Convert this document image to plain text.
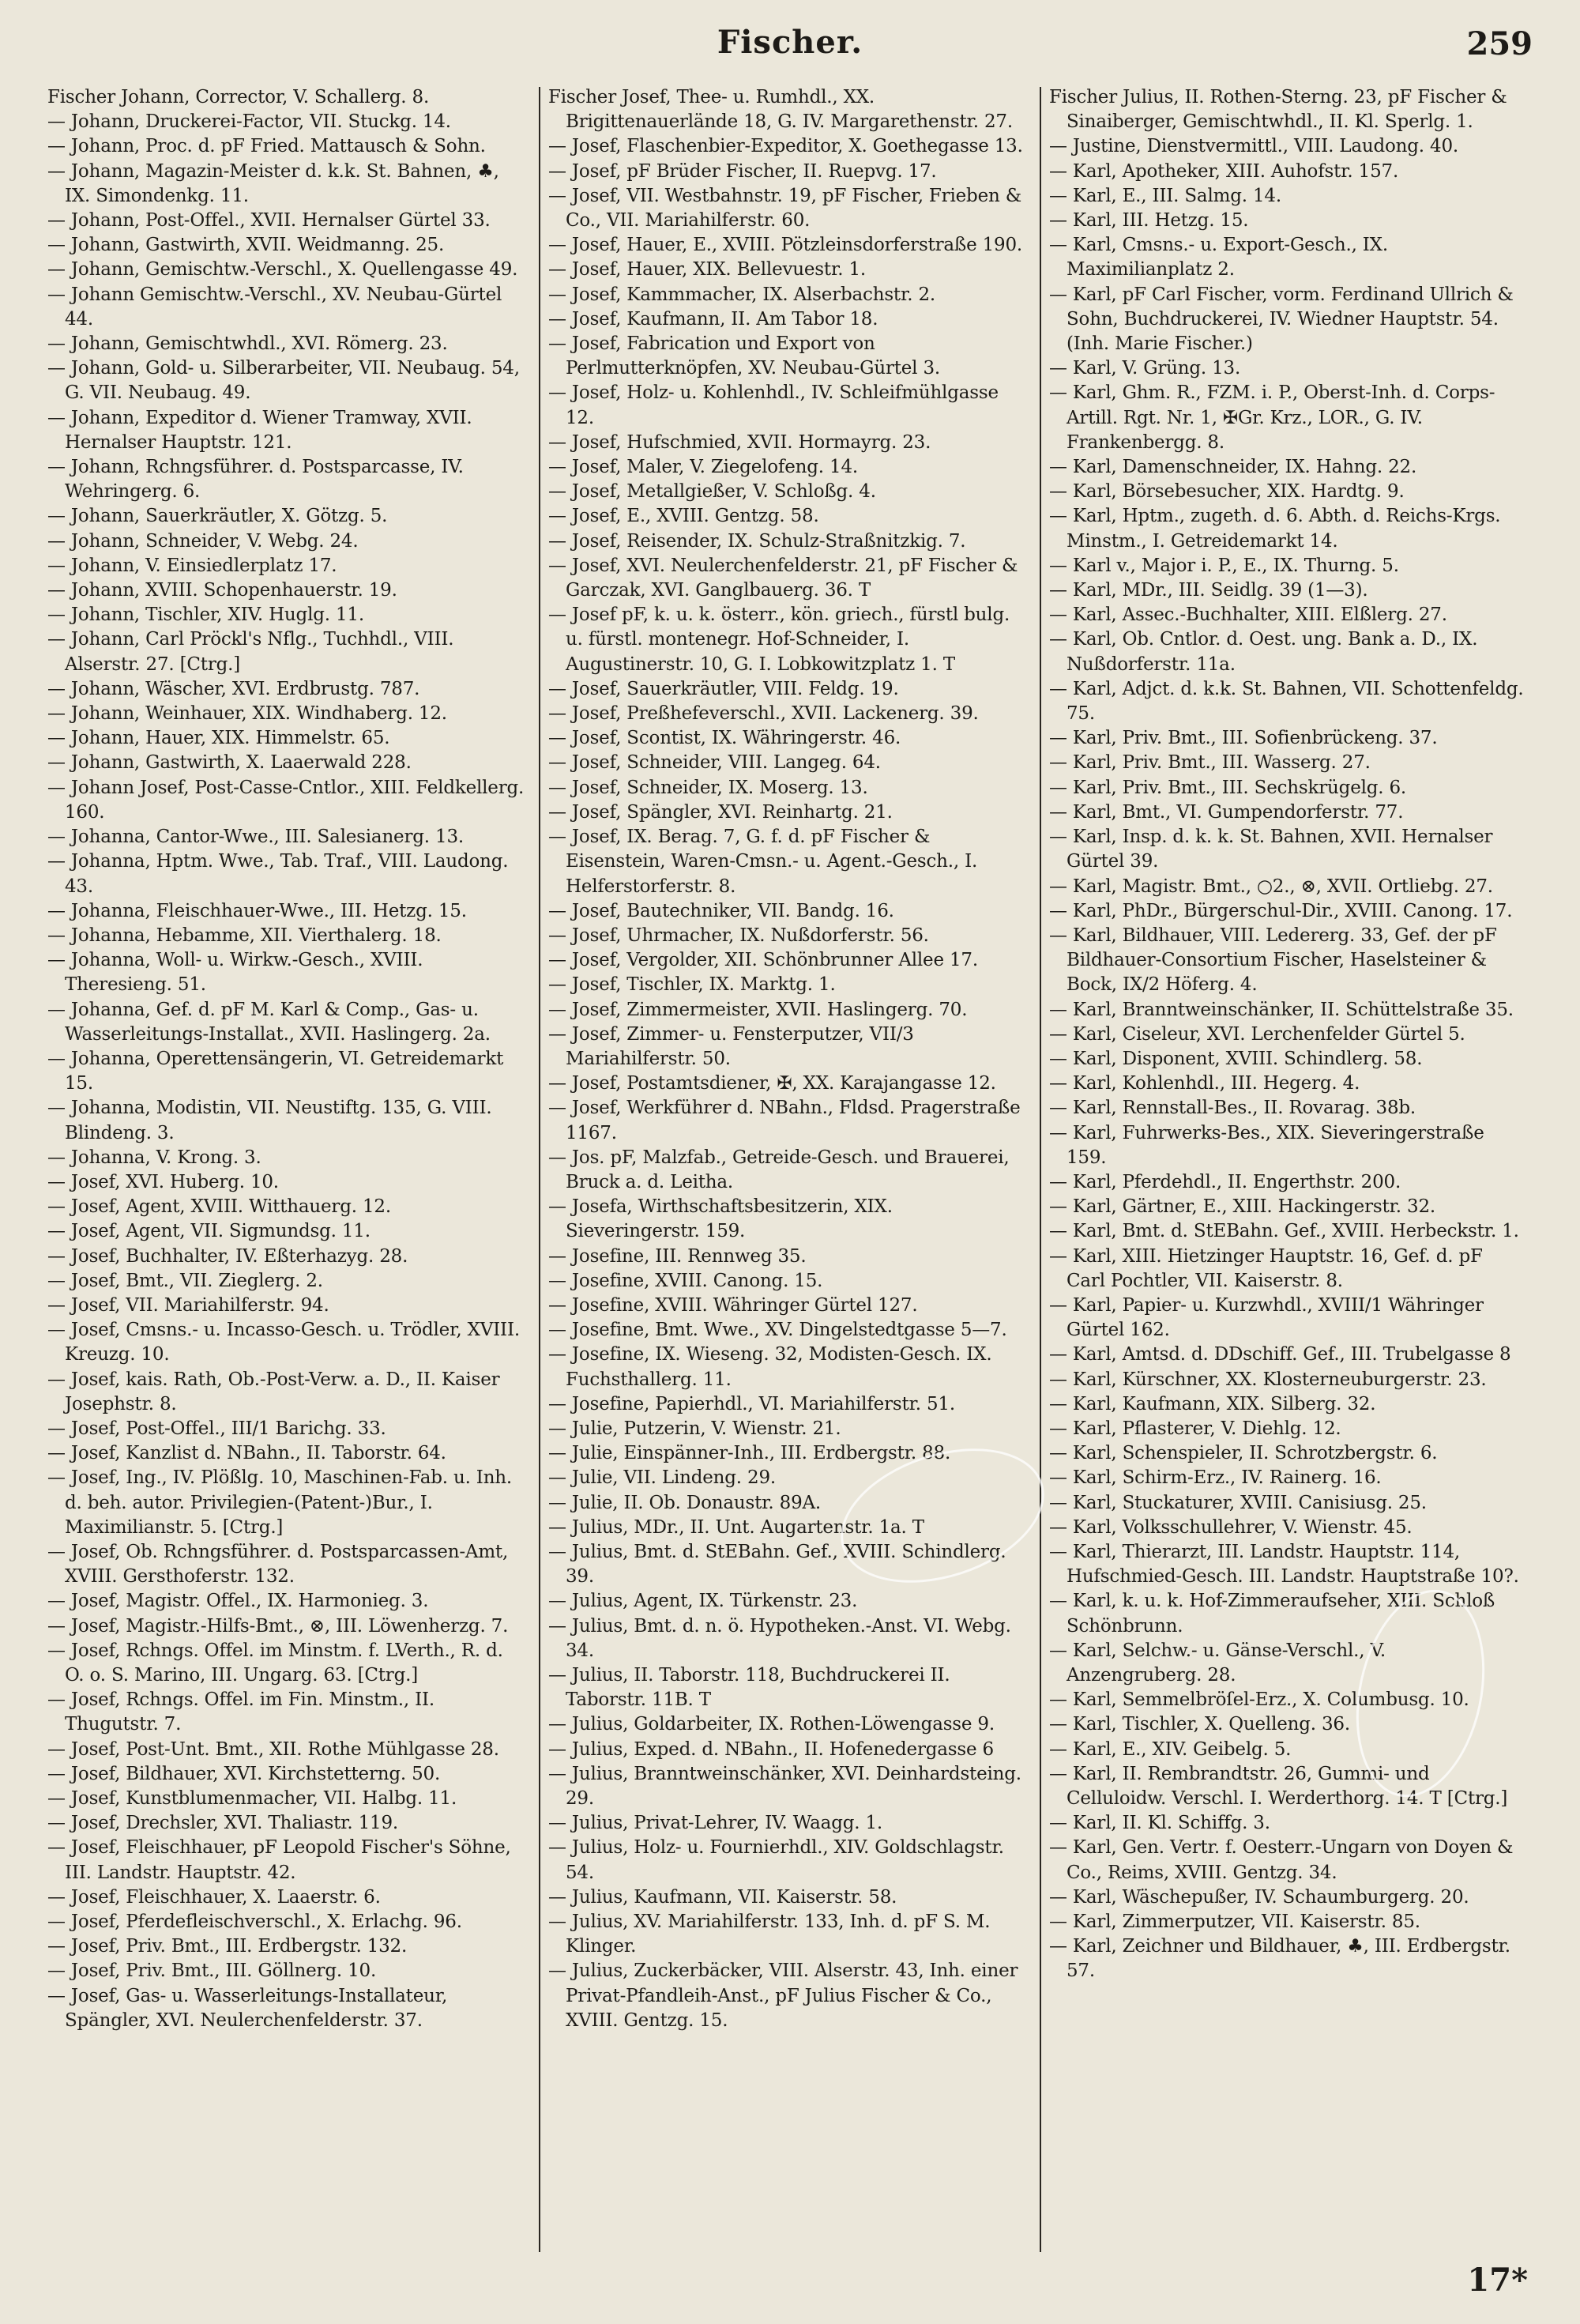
Fischer.	259
Fischer Johann, Corrector, V. Schallerg. 8.
— Johann, Druckerei-Factor, VII. Stuckg. 14.
— Johann, Proc. d. pF Fried. Mattausch & Sohn.
— Johann, Magazin-Meister d. k.k. St. Bahnen, ♣, IX. Simondenkg. 11.
— Johann, Post-Offel., XVII. Hernalser Gürtel 33.
— Johann, Gastwirth, XVII. Weidmanng. 25.
— Johann, Gemischtw.-Verschl., X. Quellengasse 49.
— Johann Gemischtw.-Verschl., XV. Neubau-Gürtel 44.
— Johann, Gemischtwhdl., XVI. Römerg. 23.
— Johann, Gold- u. Silberarbeiter, VII. Neubaug. 54, G. VII. Neubaug. 49.
— Johann, Expeditor d. Wiener Tramway, XVII. Hernalser Hauptstr. 121.
— Johann, Rchngsführer. d. Postsparcasse, IV. Wehringerg. 6.
— Johann, Sauerkräutler, X. Götzg. 5.
— Johann, Schneider, V. Webg. 24.
— Johann, V. Einsiedlerplatz 17.
— Johann, XVIII. Schopenhauerstr. 19.
— Johann, Tischler, XIV. Huglg. 11.
— Johann, Carl Pröckl's Nflg., Tuchhdl., VIII. Alserstr. 27. [Ctrg.]
— Johann, Wäscher, XVI. Erdbrustg. 787.
— Johann, Weinhauer, XIX. Windhaberg. 12.
— Johann, Hauer, XIX. Himmelstr. 65.
— Johann, Gastwirth, X. Laaerwald 228.
— Johann Josef, Post-Casse-Cntlor., XIII. Feldkellerg. 160.
— Johanna, Cantor-Wwe., III. Salesianerg. 13.
— Johanna, Hptm. Wwe., Tab. Traf., VIII. Laudong. 43.
— Johanna, Fleischhauer-Wwe., III. Hetzg. 15.
— Johanna, Hebamme, XII. Vierthalerg. 18.
— Johanna, Woll- u. Wirkw.-Gesch., XVIII. Theresieng. 51.
— Johanna, Gef. d. pF M. Karl & Comp., Gas- u. Wasserleitungs-Installat., XVII. Haslingerg. 2a.
— Johanna, Operettensängerin, VI. Getreidemarkt 15.
— Johanna, Modistin, VII. Neustiftg. 135, G. VIII. Blindeng. 3.
— Johanna, V. Krong. 3.
— Josef, XVI. Huberg. 10.
— Josef, Agent, XVIII. Witthauerg. 12.
— Josef, Agent, VII. Sigmundsg. 11.
— Josef, Buchhalter, IV. Eßterhazyg. 28.
— Josef, Bmt., VII. Zieglerg. 2.
— Josef, VII. Mariahilferstr. 94.
— Josef, Cmsns.- u. Incasso-Gesch. u. Trödler, XVIII. Kreuzg. 10.
— Josef, kais. Rath, Ob.-Post-Verw. a. D., II. Kaiser Josephstr. 8.
— Josef, Post-Offel., III/1 Barichg. 33.
— Josef, Kanzlist d. NBahn., II. Taborstr. 64.
— Josef, Ing., IV. Plößlg. 10, Maschinen-Fab. u. Inh. d. beh. autor. Privilegien-(Patent-)Bur., I. Maximilianstr. 5. [Ctrg.]
— Josef, Ob. Rchngsführer. d. Postsparcassen-Amt, XVIII. Gersthoferstr. 132.
— Josef, Magistr. Offel., IX. Harmonieg. 3.
— Josef, Magistr.-Hilfs-Bmt., ⊗, III. Löwenherzg. 7.
— Josef, Rchngs. Offel. im Minstm. f. LVerth., R. d. O. o. S. Marino, III. Ungarg. 63. [Ctrg.]
— Josef, Rchngs. Offel. im Fin. Minstm., II. Thugutstr. 7.
— Josef, Post-Unt. Bmt., XII. Rothe Mühlgasse 28.
— Josef, Bildhauer, XVI. Kirchstetterng. 50.
— Josef, Kunstblumenmacher, VII. Halbg. 11.
— Josef, Drechsler, XVI. Thaliastr. 119.
— Josef, Fleischhauer, pF Leopold Fischer's Söhne, III. Landstr. Hauptstr. 42.
— Josef, Fleischhauer, X. Laaerstr. 6.
— Josef, Pferdefleischverschl., X. Erlachg. 96.
— Josef, Priv. Bmt., III. Erdbergstr. 132.
— Josef, Priv. Bmt., III. Göllnerg. 10.
— Josef, Gas- u. Wasserleitungs-Installateur, Spängler, XVI. Neulerchenfelderstr. 37.
Fischer Josef, Thee- u. Rumhdl., XX. Brigittenauerlände 18, G. IV. Margarethenstr. 27.
— Josef, Flaschenbier-Expeditor, X. Goethegasse 13.
— Josef, pF Brüder Fischer, II. Ruepvg. 17.
— Josef, VII. Westbahnstr. 19, pF Fischer, Frieben & Co., VII. Mariahilferstr. 60.
— Josef, Hauer, E., XVIII. Pötzleinsdorferstraße 190.
— Josef, Hauer, XIX. Bellevuestr. 1.
— Josef, Kammmacher, IX. Alserbachstr. 2.
— Josef, Kaufmann, II. Am Tabor 18.
— Josef, Fabrication und Export von Perlmutterknöpfen, XV. Neubau-Gürtel 3.
— Josef, Holz- u. Kohlenhdl., IV. Schleifmühlgasse 12.
— Josef, Hufschmied, XVII. Hormayrg. 23.
— Josef, Maler, V. Ziegelofeng. 14.
— Josef, Metallgießer, V. Schloßg. 4.
— Josef, E., XVIII. Gentzg. 58.
— Josef, Reisender, IX. Schulz-Straßnitzkig. 7.
— Josef, XVI. Neulerchenfelderstr. 21, pF Fischer & Garczak, XVI. Ganglbauerg. 36. T
— Josef pF, k. u. k. österr., kön. griech., fürstl bulg. u. fürstl. montenegr. Hof-Schneider, I. Augustinerstr. 10, G. I. Lobkowitzplatz 1. T
— Josef, Sauerkräutler, VIII. Feldg. 19.
— Josef, Preßhefeverschl., XVII. Lackenerg. 39.
— Josef, Scontist, IX. Währingerstr. 46.
— Josef, Schneider, VIII. Langeg. 64.
— Josef, Schneider, IX. Moserg. 13.
— Josef, Spängler, XVI. Reinhartg. 21.
— Josef, IX. Berag. 7, G. f. d. pF Fischer & Eisenstein, Waren-Cmsn.- u. Agent.-Gesch., I. Helferstorferstr. 8.
— Josef, Bautechniker, VII. Bandg. 16.
— Josef, Uhrmacher, IX. Nußdorferstr. 56.
— Josef, Vergolder, XII. Schönbrunner Allee 17.
— Josef, Tischler, IX. Marktg. 1.
— Josef, Zimmermeister, XVII. Haslingerg. 70.
— Josef, Zimmer- u. Fensterputzer, VII/3 Mariahilferstr. 50.
— Josef, Postamtsdiener, ✠, XX. Karajangasse 12.
— Josef, Werkführer d. NBahn., Fldsd. Pragerstraße 1167.
— Jos. pF, Malzfab., Getreide-Gesch. und Brauerei, Bruck a. d. Leitha.
— Josefa, Wirthschaftsbesitzerin, XIX. Sieveringerstr. 159.
— Josefine, III. Rennweg 35.
— Josefine, XVIII. Canong. 15.
— Josefine, XVIII. Währinger Gürtel 127.
— Josefine, Bmt. Wwe., XV. Dingelstedtgasse 5—7.
— Josefine, IX. Wieseng. 32, Modisten-Gesch. IX. Fuchsthallerg. 11.
— Josefine, Papierhdl., VI. Mariahilferstr. 51.
— Julie, Putzerin, V. Wienstr. 21.
— Julie, Einspänner-Inh., III. Erdbergstr. 88.
— Julie, VII. Lindeng. 29.
— Julie, II. Ob. Donaustr. 89A.
— Julius, MDr., II. Unt. Augartenstr. 1a. T
— Julius, Bmt. d. StEBahn. Gef., XVIII. Schindlerg. 39.
— Julius, Agent, IX. Türkenstr. 23.
— Julius, Bmt. d. n. ö. Hypotheken.-Anst. VI. Webg. 34.
— Julius, II. Taborstr. 118, Buchdruckerei II. Taborstr. 11B. T
— Julius, Goldarbeiter, IX. Rothen-Löwengasse 9.
— Julius, Exped. d. NBahn., II. Hofenedergasse 6
— Julius, Branntweinschänker, XVI. Deinhardsteing. 29.
— Julius, Privat-Lehrer, IV. Waagg. 1.
— Julius, Holz- u. Fournierhdl., XIV. Goldschlagstr. 54.
— Julius, Kaufmann, VII. Kaiserstr. 58.
— Julius, XV. Mariahilferstr. 133, Inh. d. pF S. M. Klinger.
— Julius, Zuckerbäcker, VIII. Alserstr. 43, Inh. einer Privat-Pfandleih-Anst., pF Julius Fischer & Co., XVIII. Gentzg. 15.
Fischer Julius, II. Rothen-Sterng. 23, pF Fischer & Sinaiberger, Gemischtwhdl., II. Kl. Sperlg. 1.
— Justine, Dienstvermittl., VIII. Laudong. 40.
— Karl, Apotheker, XIII. Auhofstr. 157.
— Karl, E., III. Salmg. 14.
— Karl, III. Hetzg. 15.
— Karl, Cmsns.- u. Export-Gesch., IX. Maximilianplatz 2.
— Karl, pF Carl Fischer, vorm. Ferdinand Ullrich & Sohn, Buchdruckerei, IV. Wiedner Hauptstr. 54. (Inh. Marie Fischer.)
— Karl, V. Grüng. 13.
— Karl, Ghm. R., FZM. i. P., Oberst-Inh. d. Corps-Artill. Rgt. Nr. 1, ✠Gr. Krz., LOR., G. IV. Frankenbergg. 8.
— Karl, Damenschneider, IX. Hahng. 22.
— Karl, Börsebesucher, XIX. Hardtg. 9.
— Karl, Hptm., zugeth. d. 6. Abth. d. Reichs-Krgs. Minstm., I. Getreidemarkt 14.
— Karl v., Major i. P., E., IX. Thurng. 5.
— Karl, MDr., III. Seidlg. 39 (1—3).
— Karl, Assec.-Buchhalter, XIII. Elßlerg. 27.
— Karl, Ob. Cntlor. d. Oest. ung. Bank a. D., IX. Nußdorferstr. 11a.
— Karl, Adjct. d. k.k. St. Bahnen, VII. Schottenfeldg. 75.
— Karl, Priv. Bmt., III. Sofienbrückeng. 37.
— Karl, Priv. Bmt., III. Wasserg. 27.
— Karl, Priv. Bmt., III. Sechskrügelg. 6.
— Karl, Bmt., VI. Gumpendorferstr. 77.
— Karl, Insp. d. k. k. St. Bahnen, XVII. Hernalser Gürtel 39.
— Karl, Magistr. Bmt., ○2., ⊗, XVII. Ortliebg. 27.
— Karl, PhDr., Bürgerschul-Dir., XVIII. Canong. 17.
— Karl, Bildhauer, VIII. Ledererg. 33, Gef. der pF Bildhauer-Consortium Fischer, Haselsteiner & Bock, IX/2 Höferg. 4.
— Karl, Branntweinschänker, II. Schüttelstraße 35.
— Karl, Ciseleur, XVI. Lerchenfelder Gürtel 5.
— Karl, Disponent, XVIII. Schindlerg. 58.
— Karl, Kohlenhdl., III. Hegerg. 4.
— Karl, Rennstall-Bes., II. Rovarag. 38b.
— Karl, Fuhrwerks-Bes., XIX. Sieveringerstraße 159.
— Karl, Pferdehdl., II. Engerthstr. 200.
— Karl, Gärtner, E., XIII. Hackingerstr. 32.
— Karl, Bmt. d. StEBahn. Gef., XVIII. Herbeckstr. 1.
— Karl, XIII. Hietzinger Hauptstr. 16, Gef. d. pF Carl Pochtler, VII. Kaiserstr. 8.
— Karl, Papier- u. Kurzwhdl., XVIII/1 Währinger Gürtel 162.
— Karl, Amtsd. d. DDschiff. Gef., III. Trubelgasse 8
— Karl, Kürschner, XX. Klosterneuburgerstr. 23.
— Karl, Kaufmann, XIX. Silberg. 32.
— Karl, Pflasterer, V. Diehlg. 12.
— Karl, Schenspieler, II. Schrotzbergstr. 6.
— Karl, Schirm-Erz., IV. Rainerg. 16.
— Karl, Stuckaturer, XVIII. Canisiusg. 25.
— Karl, Volksschullehrer, V. Wienstr. 45.
— Karl, Thierarzt, III. Landstr. Hauptstr. 114, Hufschmied-Gesch. III. Landstr. Hauptstraße 10?.
— Karl, k. u. k. Hof-Zimmeraufseher, XIII. Schloß Schönbrunn.
— Karl, Selchw.- u. Gänse-Verschl., V. Anzengruberg. 28.
— Karl, Semmelbröſel-Erz., X. Columbusg. 10.
— Karl, Tischler, X. Quelleng. 36.
— Karl, E., XIV. Geibelg. 5.
— Karl, II. Rembrandtstr. 26, Gummi- und Celluloidw. Verschl. I. Werderthorg. 14. T [Ctrg.]
— Karl, II. Kl. Schiffg. 3.
— Karl, Gen. Vertr. f. Oesterr.-Ungarn von Doyen & Co., Reims, XVIII. Gentzg. 34.
— Karl, Wäschepußer, IV. Schaumburgerg. 20.
— Karl, Zimmerputzer, VII. Kaiserstr. 85.
— Karl, Zeichner und Bildhauer, ♣, III. Erdbergstr. 57.
17*
